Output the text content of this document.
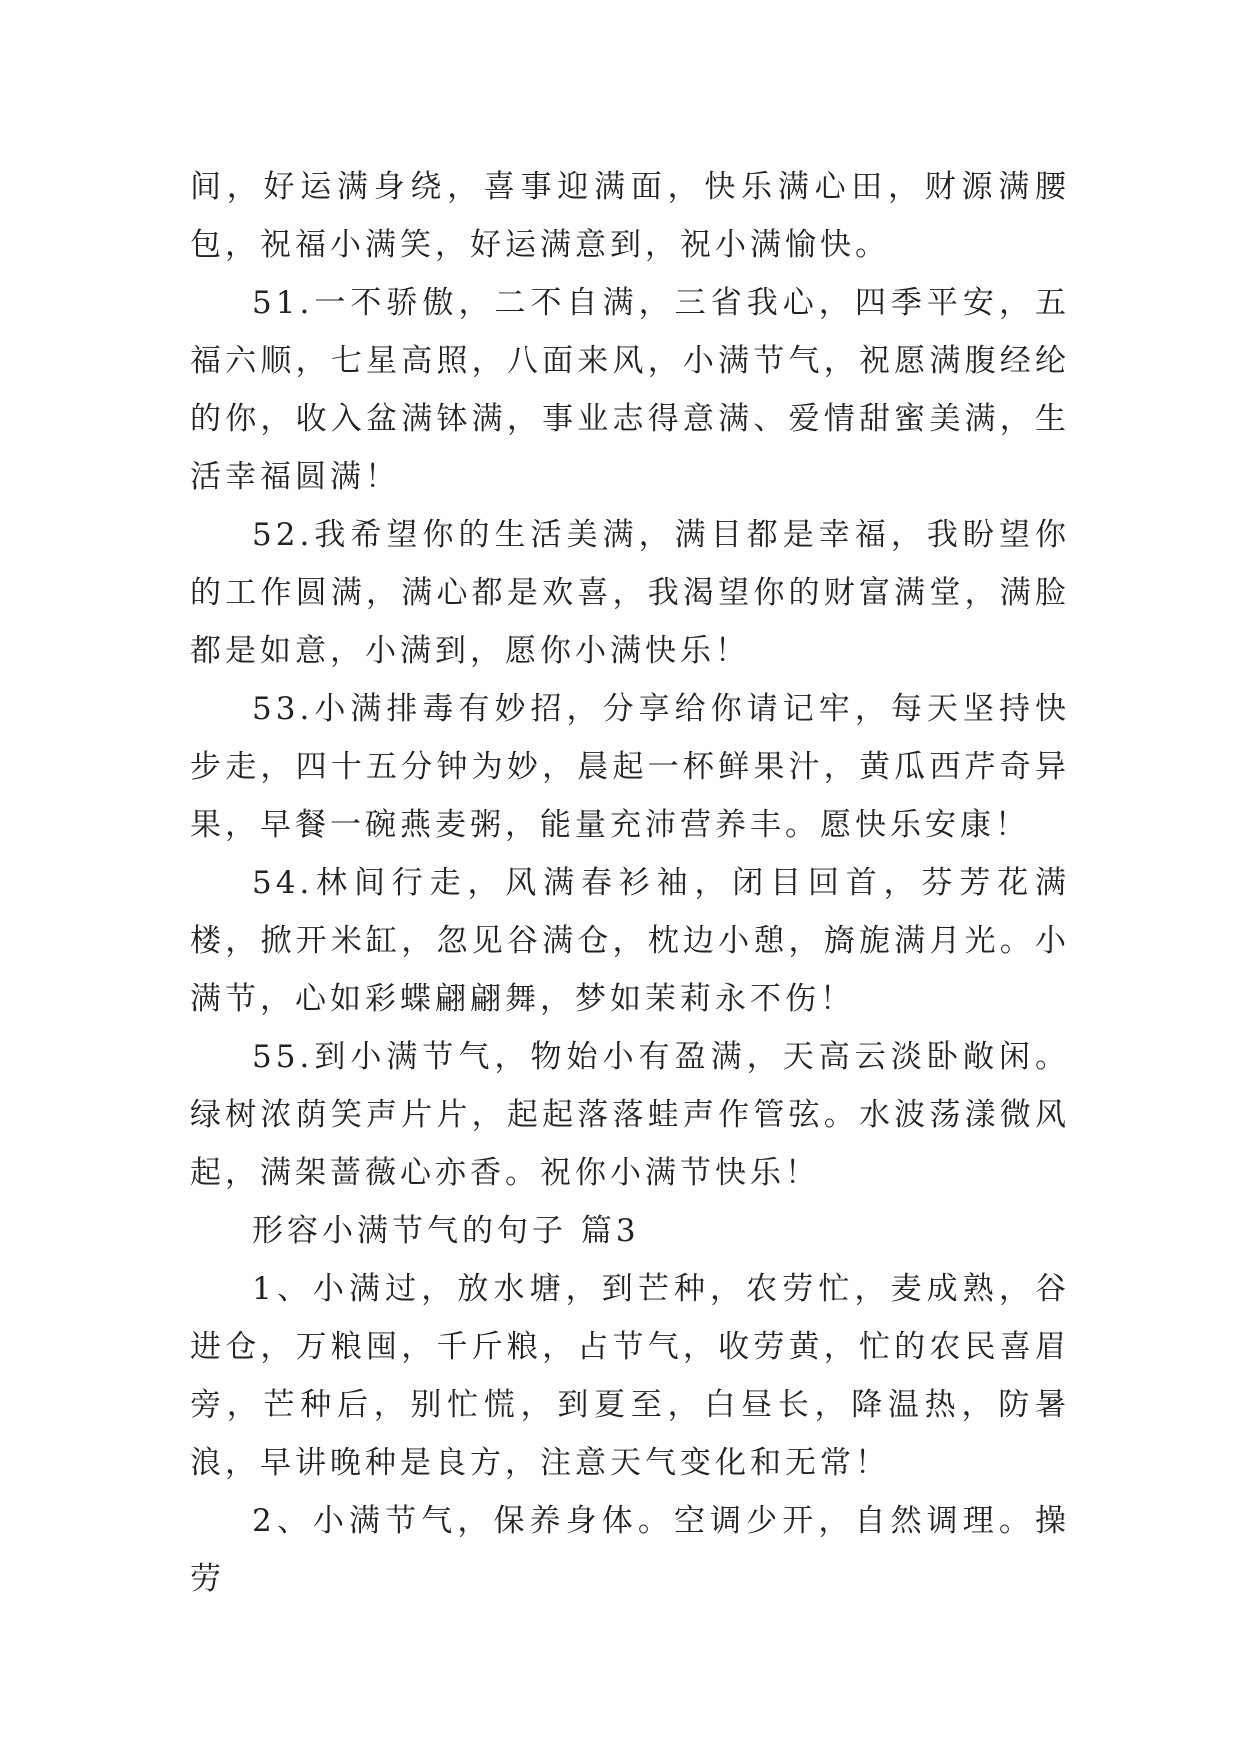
间，好运满身绕，喜事迎满面，快乐满心田，财源满腰包，祝福小满笑，好运满意到，祝小满愉快。

51.一不骄傲，二不自满，三省我心，四季平安，五福六顺，七星高照，八面来风，小满节气，祝愿满腹经纶的你，收入盆满钵满，事业志得意满、爱情甜蜜美满，生活幸福圆满！

52.我希望你的生活美满，满目都是幸福，我盼望你的工作圆满，满心都是欢喜，我渴望你的财富满堂，满脸都是如意，小满到，愿你小满快乐！

53.小满排毒有妙招，分享给你请记牢，每天坚持快步走，四十五分钟为妙，晨起一杯鲜果汁，黄瓜西芹奇异果，早餐一碗燕麦粥，能量充沛营养丰。愿快乐安康！

54.林间行走，风满春衫袖，闭目回首，芬芳花满楼，掀开米缸，忽见谷满仓，枕边小憩，旖旎满月光。小满节，心如彩蝶翩翩舞，梦如茉莉永不伤！

55.到小满节气，物始小有盈满，天高云淡卧敞闲。绿树浓荫笑声片片，起起落落蛙声作管弦。水波荡漾微风起，满架蔷薇心亦香。祝你小满节快乐！

形容小满节气的句子 篇3

1、小满过，放水塘，到芒种，农劳忙，麦成熟，谷进仓，万粮囤，千斤粮，占节气，收劳黄，忙的农民喜眉旁，芒种后，别忙慌，到夏至，白昼长，降温热，防暑浪，早讲晚种是良方，注意天气变化和无常！

2、小满节气，保养身体。空调少开，自然调理。操劳
